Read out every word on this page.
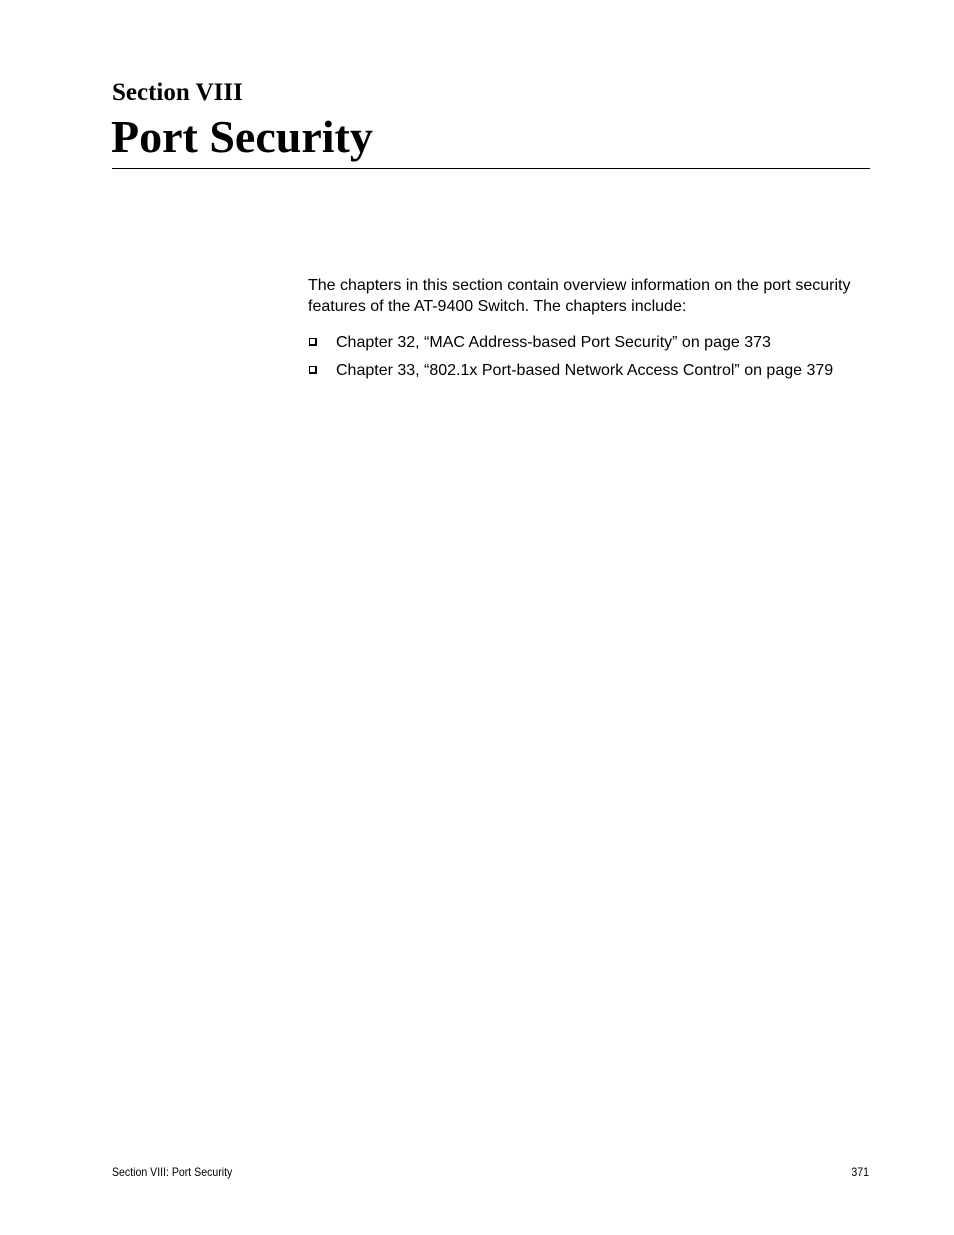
Section VIII
Port Security

The chapters in this section contain overview information on the port security features of the AT-9400 Switch. The chapters include:

Chapter 32, “MAC Address-based Port Security” on page 373
Chapter 33, “802.1x Port-based Network Access Control” on page 379
Section VIII: Port Security	371
